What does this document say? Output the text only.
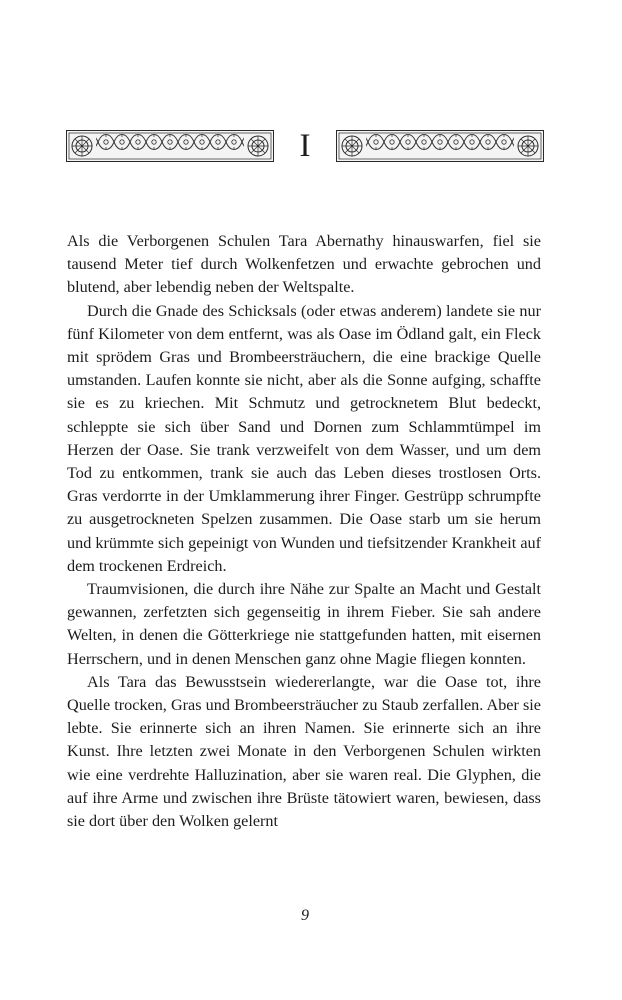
I

Als die Verborgenen Schulen Tara Abernathy hinauswarfen, fiel sie tausend Meter tief durch Wolkenfetzen und erwachte gebrochen und blutend, aber lebendig neben der Weltspalte.

Durch die Gnade des Schicksals (oder etwas anderem) landete sie nur fünf Kilometer von dem entfernt, was als Oase im Ödland galt, ein Fleck mit sprödem Gras und Brombeersträuchern, die eine brackige Quelle umstanden. Laufen konnte sie nicht, aber als die Sonne aufging, schaffte sie es zu kriechen. Mit Schmutz und getrocknetem Blut bedeckt, schleppte sie sich über Sand und Dornen zum Schlammtümpel im Herzen der Oase. Sie trank verzweifelt von dem Wasser, und um dem Tod zu entkommen, trank sie auch das Leben dieses trostlosen Orts. Gras verdorrte in der Umklammerung ihrer Finger. Gestrüpp schrumpfte zu ausgetrockneten Spelzen zusammen. Die Oase starb um sie herum und krümmte sich gepeinigt von Wunden und tiefsitzender Krankheit auf dem trockenen Erdreich.

Traumvisionen, die durch ihre Nähe zur Spalte an Macht und Gestalt gewannen, zerfetzten sich gegenseitig in ihrem Fieber. Sie sah andere Welten, in denen die Götterkriege nie stattgefunden hatten, mit eisernen Herrschern, und in denen Menschen ganz ohne Magie fliegen konnten.

Als Tara das Bewusstsein wiedererlangte, war die Oase tot, ihre Quelle trocken, Gras und Brombeersträucher zu Staub zerfallen. Aber sie lebte. Sie erinnerte sich an ihren Namen. Sie erinnerte sich an ihre Kunst. Ihre letzten zwei Monate in den Verborgenen Schulen wirkten wie eine verdrehte Halluzination, aber sie waren real. Die Glyphen, die auf ihre Arme und zwischen ihre Brüste tätowiert waren, bewiesen, dass sie dort über den Wolken gelernt

9
